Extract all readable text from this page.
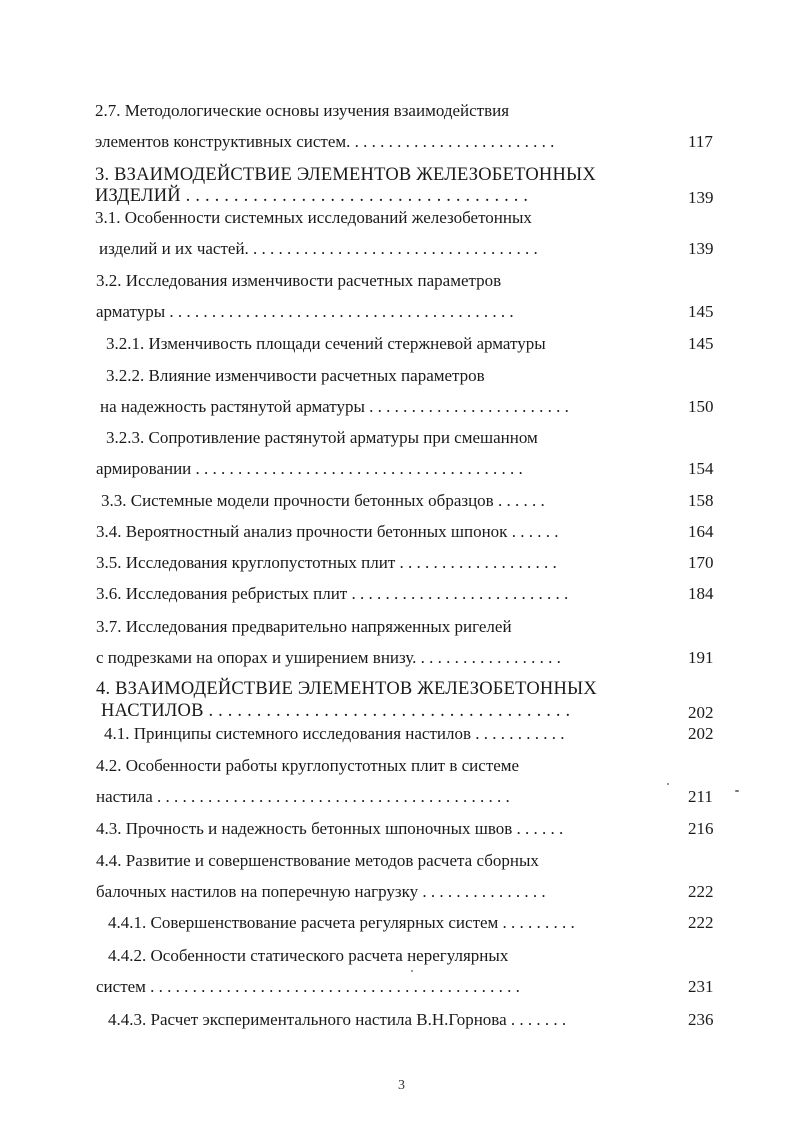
2.7. Методологические основы изучения взаимодействия
элементов конструктивных систем. . . . . . . . . . . . . . . . . . . . . . . . .	117
3. ВЗАИМОДЕЙСТВИЕ ЭЛЕМЕНТОВ ЖЕЛЕЗОБЕТОННЫХ
ИЗДЕЛИЙ . . . . . . . . . . . . . . . . . . . . . . . . . . . . . . . . . . . .	139
3.1. Особенности системных исследований железобетонных
изделий и их частей. . . . . . . . . . . . . . . . . . . . . . . . . . . . . . . . . . .	139
3.2. Исследования изменчивости расчетных параметров
арматуры . . . . . . . . . . . . . . . . . . . . . . . . . . . . . . . . . . . . . . . . .	145
3.2.1. Изменчивость площади сечений стержневой арматуры	145
3.2.2. Влияние изменчивости расчетных параметров
на надежность растянутой арматуры . . . . . . . . . . . . . . . . . . . . . . . .	150
3.2.3. Сопротивление растянутой арматуры при смешанном
армировании . . . . . . . . . . . . . . . . . . . . . . . . . . . . . . . . . . . . . . .	154
3.3. Системные модели прочности бетонных образцов . . . . . .	158
3.4. Вероятностный анализ прочности бетонных шпонок . . . . . .	164
3.5. Исследования круглопустотных плит . . . . . . . . . . . . . . . . . . .	170
3.6. Исследования ребристых плит . . . . . . . . . . . . . . . . . . . . . . . . . .	184
3.7. Исследования предварительно напряженных ригелей
с подрезками на опорах и уширением внизу. . . . . . . . . . . . . . . . . .	191
4. ВЗАИМОДЕЙСТВИЕ ЭЛЕМЕНТОВ ЖЕЛЕЗОБЕТОННЫХ
НАСТИЛОВ . . . . . . . . . . . . . . . . . . . . . . . . . . . . . . . . . . . . . .	202
4.1. Принципы системного исследования настилов . . . . . . . . . . .	202
4.2. Особенности работы круглопустотных плит в системе
настила . . . . . . . . . . . . . . . . . . . . . . . . . . . . . . . . . . . . . . . . . .	211
4.3. Прочность и надежность бетонных шпоночных швов . . . . . .	216
4.4. Развитие и совершенствование методов расчета сборных
балочных настилов на поперечную нагрузку . . . . . . . . . . . . . . .	222
4.4.1. Совершенствование расчета регулярных систем . . . . . . . . .	222
4.4.2. Особенности статического расчета нерегулярных
систем . . . . . . . . . . . . . . . . . . . . . . . . . . . . . . . . . . . . . . . . . . . .	231
4.4.3. Расчет экспериментального настила В.Н.Горнова . . . . . . .	236
3
